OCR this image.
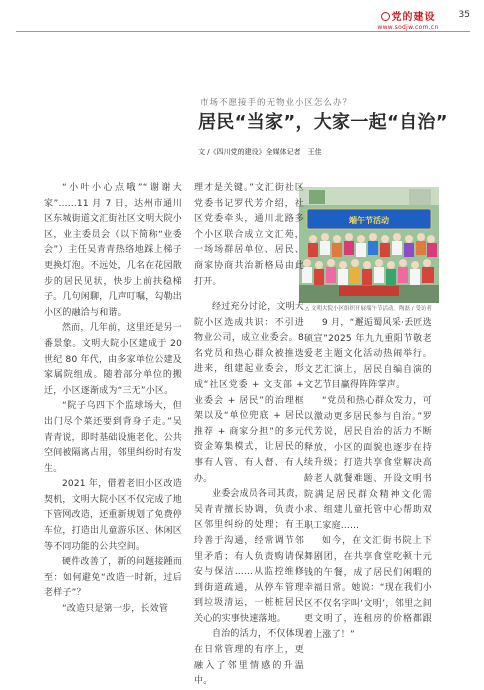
党的建设
www.sodjw.com.cn
35
市场不愿接手的无物业小区怎么办？
居民“当家”，大家一起“自治”
文 /《四川党的建设》全媒体记者　王佳
端午节活动
△ 文明大院小区组织开展端午节活动。陶磊 / 受访者

“小叶小心点哦”“谢谢大家”……11 月 7 日，达州市通川区东城街道文汇街社区文明大院小区，业主委员会（以下简称“业委会”）主任吴青青热络地踩上梯子更换灯泡。不远处，几名在花园散步的居民见状，快步上前扶稳梯子。几句闲聊，几声叮嘱，勾勒出小区的融洽与和谐。

然而，几年前，这里还是另一番景象。文明大院小区建成于 20 世纪 80 年代，由多家单位公建及家属院组成。随着部分单位的搬迁，小区逐渐成为“三无”小区。

“院子乌四下个监球场大，但出门尽个菜还要到背身子走。”吴青青说，即时基础设施老化、公共空间被隔离占用，邻里纠纷时有发生。

2021 年，借着老旧小区改造契机，文明大院小区不仅完成了地下管网改造，还重新规划了免费停车位，打造出儿童游乐区、休闲区等不同功能的公共空间。

硬件改善了，新的问题接踵而至：如何避免“改造一时新，过后老样子”？

“改造只是第一步，长效管

理才是关键。”文汇街社区党委书记罗代芳介绍，社区党委牵头，通川北路多个小区联合成立文汇苑，一场场群居单位、居民、商家协商共治新格局由此打开。

经过充分讨论，文明大院小区选成共识：不引进物业公司，成立业委会。8 名党员和热心群众被推选进来，组建起业委会，形成“社区党委 + 文支部 + 业委会 + 居民”的治理框架以及“单位兜底 + 居民推荐 + 商家分担”的多元资金筹集模式，让居民的事有人管、有人督、有人办。

业委会成员各司其责，吴青青擅长协调，负责小区邻里纠纷的处理；有王玲善于沟通，经常调节邻里矛盾；有人负责购请保安与保洁……从监控维修到街道疏通，从停车管理到垃圾清运，一桩桩居民关心的实事快速落地。

自治的活力，不仅体现在日常管理的有序上，更融入了邻里情感的升温中。

9 月，“邂逅蜀风采·丢匠选硕宣”2025 年九九重阳节敬老爱老主题文化活动热闹举行。文艺汇演上，居民自编自演的文艺节目赢得阵阵掌声。

“党员和热心群众发力，可以激动更多居民参与自治。”罗代芳说，居民自治的活力不断释放，小区的面貌也逐步在持续升级；打造共享食堂解决高龄老人就餐难题、开设文明书院满足居民群众精神文化需求、组建儿童托管中心帮助双职工家庭……

如今，在文汇街书院上下舞剧团，在共享食堂吃顿十元钱的午餐，成了居民们闲暇的幸福日常。她说：“现在我们小区不仅名字叫‘文明’，邻里之间更文明了，连租房的价格都跟着上涨了！”
